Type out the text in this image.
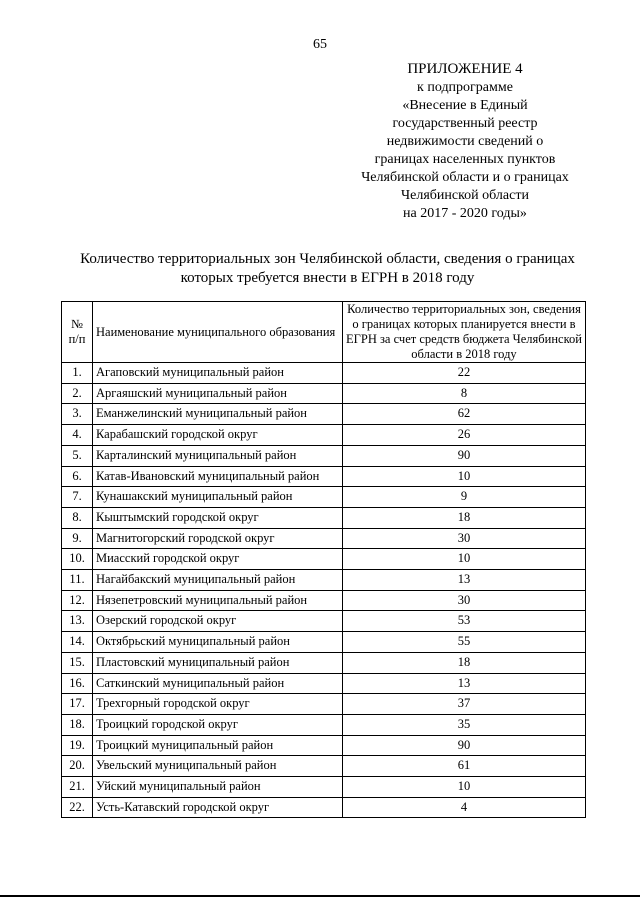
65
ПРИЛОЖЕНИЕ 4
к подпрограмме
«Внесение в Единый
государственный реестр
недвижимости сведений о
границах населенных пунктов
Челябинской области и о границах
Челябинской области
на 2017 - 2020 годы»
Количество территориальных зон Челябинской области, сведения о границах
которых требуется внести в ЕГРН в 2018 году
№
п/п	Наименование муниципального образования	Количество территориальных зон, сведения о границах которых планируется внести в ЕГРН за счет средств бюджета Челябинской области в 2018 году
1.	Агаповский муниципальный район	22
2.	Аргаяшский муниципальный район	8
3.	Еманжелинский муниципальный район	62
4.	Карабашский городской округ	26
5.	Карталинский муниципальный район	90
6.	Катав-Ивановский муниципальный район	10
7.	Кунашакский муниципальный район	9
8.	Кыштымский городской округ	18
9.	Магнитогорский городской округ	30
10.	Миасский городской округ	10
11.	Нагайбакский муниципальный район	13
12.	Нязепетровский муниципальный район	30
13.	Озерский городской округ	53
14.	Октябрьский муниципальный район	55
15.	Пластовский муниципальный район	18
16.	Саткинский муниципальный район	13
17.	Трехгорный городской округ	37
18.	Троицкий городской округ	35
19.	Троицкий муниципальный район	90
20.	Увельский муниципальный район	61
21.	Уйский муниципальный район	10
22.	Усть-Катавский городской округ	4
